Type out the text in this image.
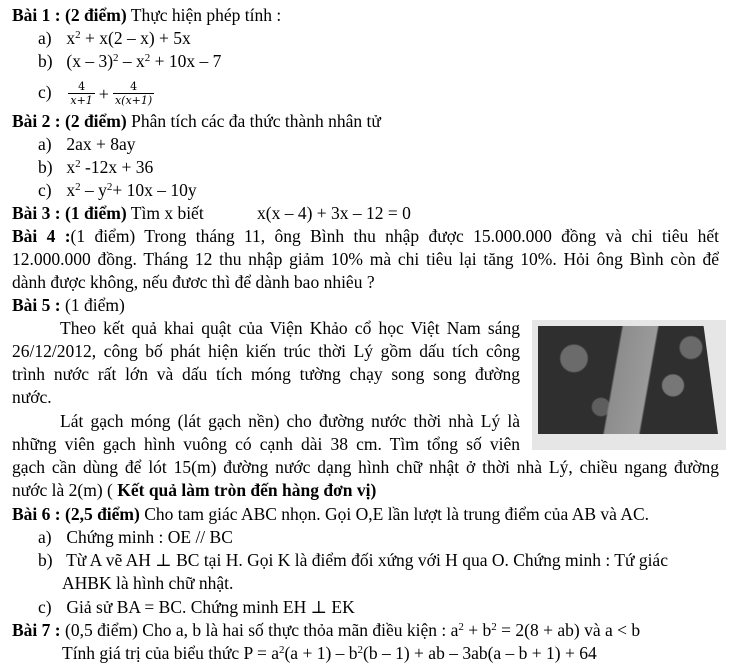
Bài 1 : (2 điểm) Thực hiện phép tính :
a) $x^2 + x(2 - x) + 5x$
b) $(x - 3)^2 - x^2 + 10x - 7$
$c) \frac{4}{x+1} + \frac{4}{x(x+1)}$
Bài 2 : (2 điểm) Phân tích các đa thức thành nhân tử
a) 2ax + 8ay
b) $x^2$ -12x + 36
c) $x^2 - y^2+ 10x - 10y$
Bài 3 : (1 điểm) Tìm x biết	x(x – 4) + 3x – 12 = 0
Bài 4 :(1 điểm) Trong tháng 11, ông Bình thu nhập được 15.000.000 đồng và chi tiêu hết
12.000.000 đồng. Tháng 12 thu nhập giảm 10% mà chi tiêu lại tăng 10%. Hỏi ông Bình còn để
dành được không, nếu đươc thì để dành bao nhiêu ?
Bài 5 : (1 điểm)
Theo kết quả khai quật của Viện Khảo cổ học Việt Nam sáng
26/12/2012, công bố phát hiện kiến trúc thời Lý gồm dấu tích công
trình nước rất lớn và dấu tích móng tường chạy song song đường
nước.
Lát gạch móng (lát gạch nền) cho đường nước thời nhà Lý là
những viên gạch hình vuông có cạnh dài 38 cm. Tìm tổng số viên
gạch cần dùng để lót 15(m) đường nước dạng hình chữ nhật ở thời nhà Lý, chiều ngang đường
nước là 2(m) ( Kết quả làm tròn đến hàng đơn vị)
Bài 6 : (2,5 điểm) Cho tam giác ABC nhọn. Gọi O,E lần lượt là trung điểm của AB và AC.
a) Chứng minh : OE // BC
b) Từ A vẽ AH ⊥ BC tại H. Gọi K là điểm đối xứng với H qua O. Chứng minh : Tứ giác
AHBK là hình chữ nhật.
c) Giả sử BA = BC. Chứng minh EH ⊥ EK
Bài 7 : (0,5 điểm) Cho a, b là hai số thực thỏa mãn điều kiện : $a^2 + b^2 = 2(8 + ab)$ và a < b
Tính giá trị của biểu thức $P = a^2(a + 1) - b^2(b - 1)$ + ab – 3ab(a – b + 1) + 64
